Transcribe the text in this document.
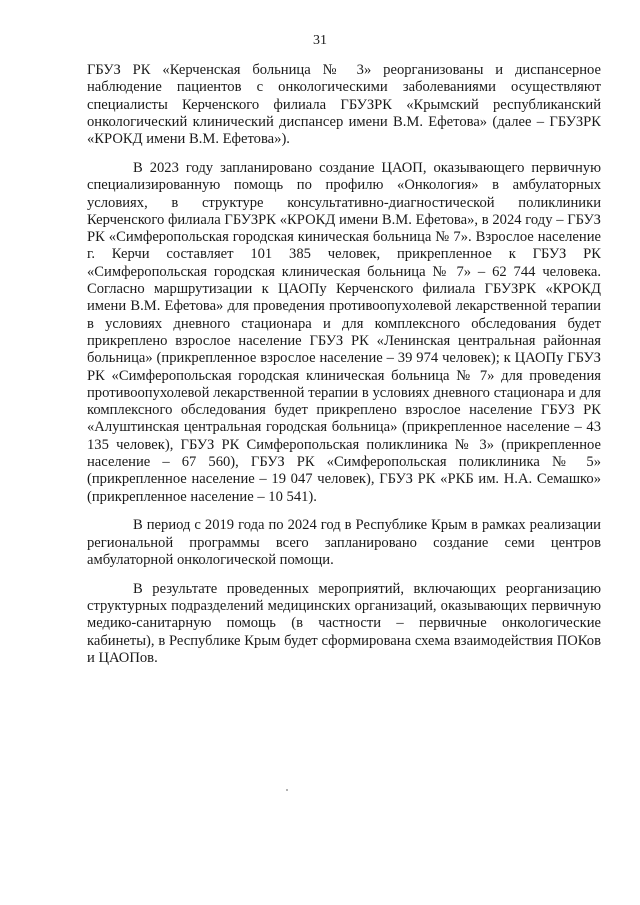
31

ГБУЗ РК «Керченская больница № 3» реорганизованы и диспансерное наблюдение пациентов с онкологическими заболеваниями осуществляют специалисты Керченского филиала ГБУЗРК «Крымский республиканский онкологический клинический диспансер имени В.М. Ефетова» (далее – ГБУЗРК «КРОКД имени В.М. Ефетова»).

В 2023 году запланировано создание ЦАОП, оказывающего первичную специализированную помощь по профилю «Онкология» в амбулаторных условиях, в структуре консультативно-диагностической поликлиники Керченского филиала ГБУЗРК «КРОКД имени В.М. Ефетова», в 2024 году – ГБУЗ РК «Симферопольская городская киническая больница № 7». Взрослое население г. Керчи составляет 101 385 человек, прикрепленное к ГБУЗ РК «Симферопольская городская клиническая больница № 7» – 62 744 человека. Согласно маршрутизации к ЦАОПу Керченского филиала ГБУЗРК «КРОКД имени В.М. Ефетова» для проведения противоопухолевой лекарственной терапии в условиях дневного стационара и для комплексного обследования будет прикреплено взрослое население ГБУЗ РК «Ленинская центральная районная больница» (прикрепленное взрослое население – 39 974 человек); к ЦАОПу ГБУЗ РК «Симферопольская городская клиническая больница № 7» для проведения противоопухолевой лекарственной терапии в условиях дневного стационара и для комплексного обследования будет прикреплено взрослое население ГБУЗ РК «Алуштинская центральная городская больница» (прикрепленное население – 43 135 человек), ГБУЗ РК Симферопольская поликлиника № 3» (прикрепленное население – 67 560), ГБУЗ РК «Симферопольская поликлиника № 5» (прикрепленное население – 19 047 человек), ГБУЗ РК «РКБ им. Н.А. Семашко» (прикрепленное население – 10 541).

В период с 2019 года по 2024 год в Республике Крым в рамках реализации региональной программы всего запланировано создание семи центров амбулаторной онкологической помощи.

В результате проведенных мероприятий, включающих реорганизацию структурных подразделений медицинских организаций, оказывающих первичную медико-санитарную помощь (в частности – первичные онкологические кабинеты), в Республике Крым будет сформирована схема взаимодействия ПОКов и ЦАОПов.
